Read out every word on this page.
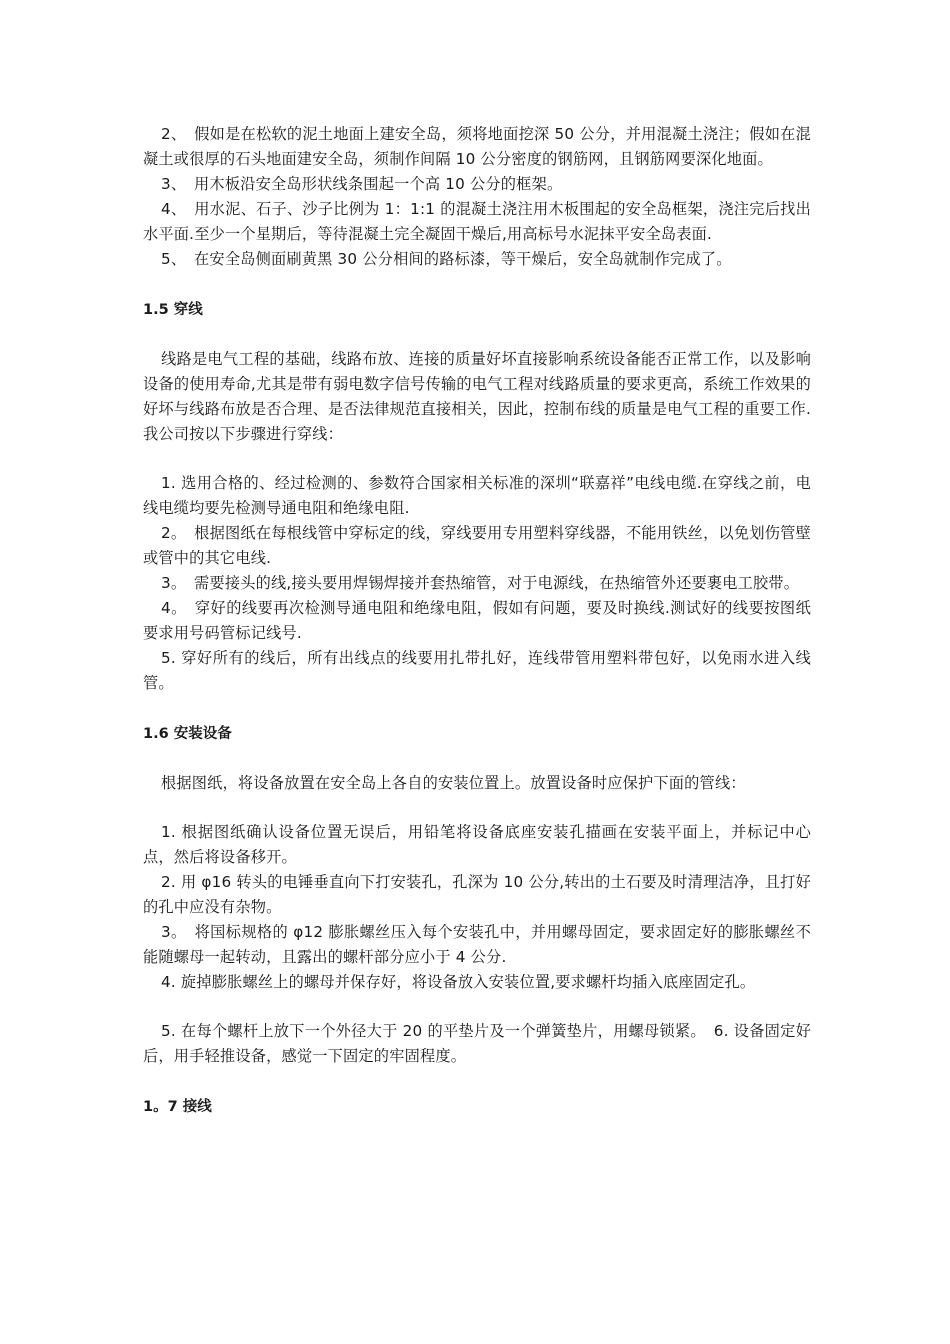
2、　假如是在松软的泥土地面上建安全岛，须将地面挖深 50 公分，并用混凝土浇注；假如在混凝土或很厚的石头地面建安全岛，须制作间隔 10 公分密度的钢筋网，且钢筋网要深化地面。

3、　用木板沿安全岛形状线条围起一个高 10 公分的框架。

4、　用水泥、石子、沙子比例为 1：1:1 的混凝土浇注用木板围起的安全岛框架，浇注完后找出水平面.至少一个星期后，等待混凝土完全凝固干燥后,用高标号水泥抹平安全岛表面.

5、　在安全岛侧面刷黄黑 30 公分相间的路标漆，等干燥后，安全岛就制作完成了。

1.5 穿线

线路是电气工程的基础，线路布放、连接的质量好坏直接影响系统设备能否正常工作，以及影响设备的使用寿命,尤其是带有弱电数字信号传输的电气工程对线路质量的要求更高，系统工作效果的好坏与线路布放是否合理、是否法律规范直接相关，因此，控制布线的质量是电气工程的重要工作.我公司按以下步骤进行穿线：

1. 选用合格的、经过检测的、参数符合国家相关标准的深圳“联嘉祥”电线电缆.在穿线之前，电线电缆均要先检测导通电阻和绝缘电阻.

2。　根据图纸在每根线管中穿标定的线，穿线要用专用塑料穿线器，不能用铁丝，以免划伤管壁或管中的其它电线.

3。　需要接头的线,接头要用焊锡焊接并套热缩管，对于电源线，在热缩管外还要裹电工胶带。

4。　穿好的线要再次检测导通电阻和绝缘电阻，假如有问题，要及时换线.测试好的线要按图纸要求用号码管标记线号.

5. 穿好所有的线后，所有出线点的线要用扎带扎好，连线带管用塑料带包好，以免雨水进入线管。

1.6 安装设备

根据图纸，将设备放置在安全岛上各自的安装位置上。放置设备时应保护下面的管线：

1. 根据图纸确认设备位置无误后，用铅笔将设备底座安装孔描画在安装平面上，并标记中心点，然后将设备移开。

2. 用 φ16 转头的电锤垂直向下打安装孔，孔深为 10 公分,转出的土石要及时清理洁净，且打好的孔中应没有杂物。

3。　将国标规格的 φ12 膨胀螺丝压入每个安装孔中，并用螺母固定，要求固定好的膨胀螺丝不能随螺母一起转动，且露出的螺杆部分应小于 4 公分.

4. 旋掉膨胀螺丝上的螺母并保存好，将设备放入安装位置,要求螺杆均插入底座固定孔。

5. 在每个螺杆上放下一个外径大于 20 的平垫片及一个弹簧垫片，用螺母锁紧。　6. 设备固定好后，用手轻推设备，感觉一下固定的牢固程度。

1。7 接线
